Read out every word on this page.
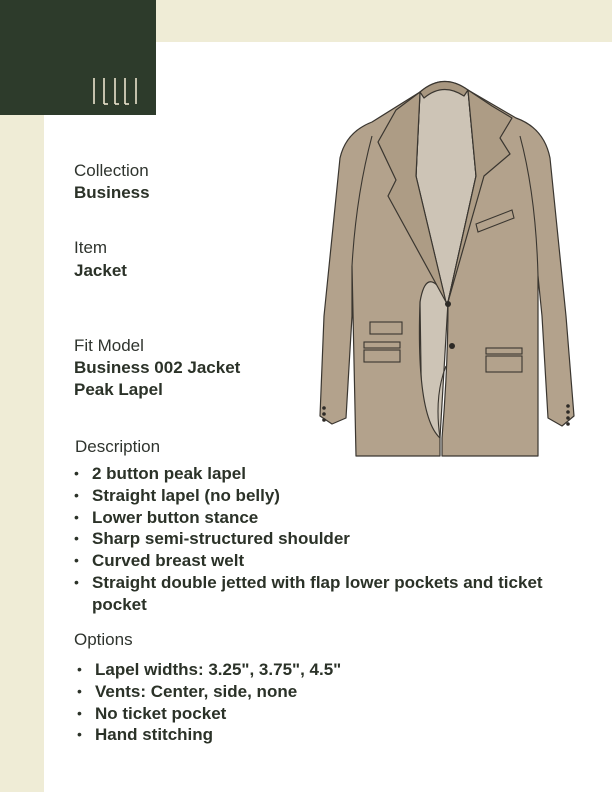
Collection
Business
Item
Jacket
Fit Model
Business 002 Jacket
Peak Lapel
Description
• 2 button peak lapel
• Straight lapel (no belly)
• Lower button stance
• Sharp semi-structured shoulder
• Curved breast welt
• Straight double jetted with flap lower pockets and ticket pocket
Options
• Lapel widths: 3.25", 3.75", 4.5"
• Vents: Center, side, none
• No ticket pocket
• Hand stitching
